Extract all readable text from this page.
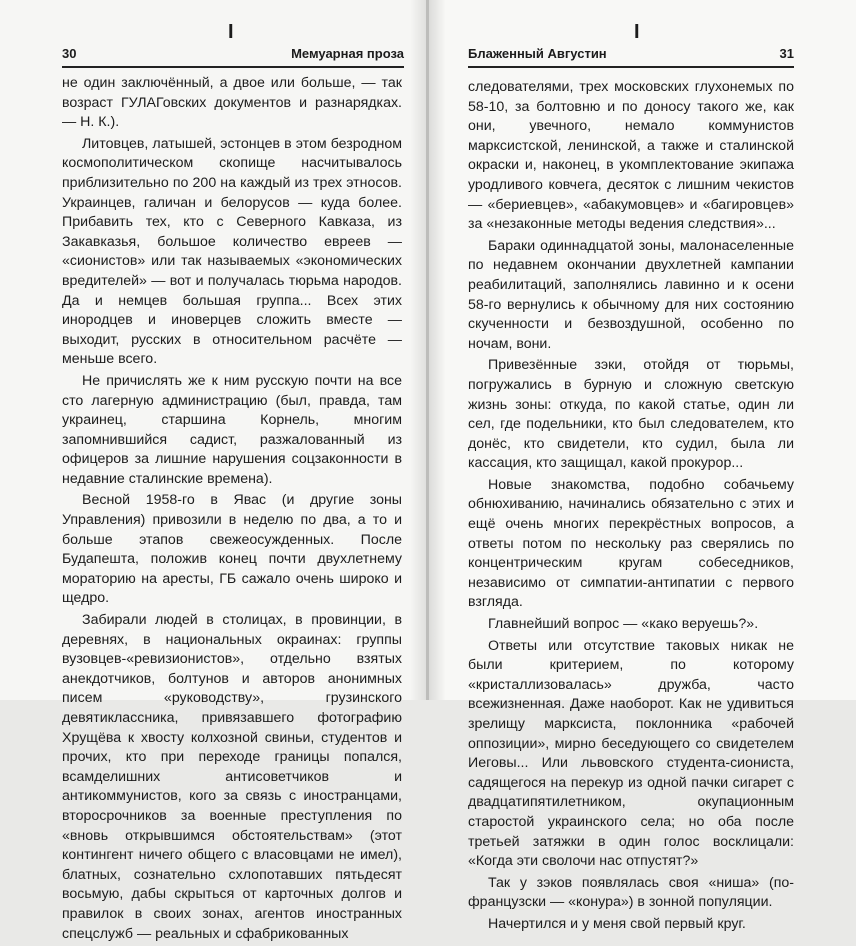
I
30	Мемуарная проза

не один заключённый, а двое или больше, — так возраст ГУЛАГовских документов и разнарядках. — Н. К.).

Литовцев, латышей, эстонцев в этом безродном космополитическом скопище насчитывалось приблизительно по 200 на каждый из трех этносов. Украинцев, галичан и белорусов — куда более. Прибавить тех, кто с Северного Кавказа, из Закавказья, большое количество евреев — «сионистов» или так называемых «экономических вредителей» — вот и получалась тюрьма народов. Да и немцев большая группа... Всех этих инородцев и иноверцев сложить вместе — выходит, русских в относительном расчёте — меньше всего.

Не причислять же к ним русскую почти на все сто лагерную администрацию (был, правда, там украинец, старшина Корнель, многим запомнившийся садист, разжалованный из офицеров за лишние нарушения соцзаконности в недавние сталинские времена).

Весной 1958-го в Явас (и другие зоны Управления) привозили в неделю по два, а то и больше этапов свежеосужденных. После Будапешта, положив конец почти двухлетнему мораторию на аресты, ГБ сажало очень широко и щедро.

Забирали людей в столицах, в провинции, в деревнях, в национальных окраинах: группы вузовцев-«ревизионистов», отдельно взятых анекдотчиков, болтунов и авторов анонимных писем «руководству», грузинского девятиклассника, привязавшего фотографию Хрущёва к хвосту колхозной свиньи, студентов и прочих, кто при переходе границы попался, всамделишних антисоветчиков и антикоммунистов, кого за связь с иностранцами, второсрочников за военные преступления по «вновь открывшимся обстоятельствам» (этот контингент ничего общего с власовцами не имел), блатных, сознательно схлопотавших пятьдесят восьмую, дабы скрыться от карточных долгов и правилок в своих зонах, агентов иностранных спецслужб — реальных и сфабрикованных

I
Блаженный Августин	31

следователями, трех московских глухонемых по 58-10, за болтовню и по доносу такого же, как они, увечного, немало коммунистов марксистской, ленинской, а также и сталинской окраски и, наконец, в укомплектование экипажа уродливого ковчега, десяток с лишним чекистов — «бериевцев», «абакумовцев» и «багировцев» за «незаконные методы ведения следствия»...

Бараки одиннадцатой зоны, малонаселенные по недавнем окончании двухлетней кампании реабилитаций, заполнялись лавинно и к осени 58-го вернулись к обычному для них состоянию скученности и безвоздушной, особенно по ночам, вони.

Привезённые зэки, отойдя от тюрьмы, погружались в бурную и сложную светскую жизнь зоны: откуда, по какой статье, один ли сел, где подельники, кто был следователем, кто донёс, кто свидетели, кто судил, была ли кассация, кто защищал, какой прокурор...

Новые знакомства, подобно собачьему обнюхиванию, начинались обязательно с этих и ещё очень многих перекрёстных вопросов, а ответы потом по нескольку раз сверялись по концентрическим кругам собеседников, независимо от симпатии-антипатии с первого взгляда.

Главнейший вопрос — «како веруешь?».

Ответы или отсутствие таковых никак не были критерием, по которому «кристаллизовалась» дружба, часто всежизненная. Даже наоборот. Как не удивиться зрелищу марксиста, поклонника «рабочей оппозиции», мирно беседующего со свидетелем Иеговы... Или львовского студента-сиониста, садящегося на перекур из одной пачки сигарет с двадцатипятилетником, окупационным старостой украинского села; но оба после третьей затяжки в один голос восклицали: «Когда эти сволочи нас отпустят?»

Так у зэков появлялась своя «ниша» (по-французски — «конура») в зонной популяции.

Начертился и у меня свой первый круг.
